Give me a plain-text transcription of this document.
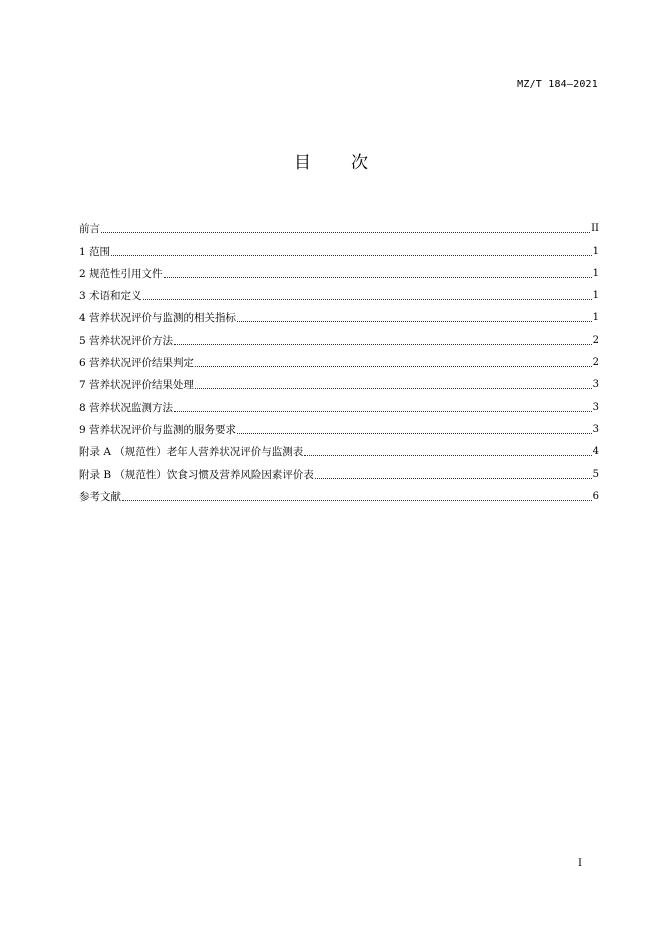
MZ/T 184—2021
目次
前言	II
1 范围	1
2 规范性引用文件	1
3 术语和定义	1
4 营养状况评价与监测的相关指标	1
5 营养状况评价方法	2
6 营养状况评价结果判定	2
7 营养状况评价结果处理	3
8 营养状况监测方法	3
9 营养状况评价与监测的服务要求	3
附录 A （规范性）老年人营养状况评价与监测表	4
附录 B （规范性）饮食习惯及营养风险因素评价表	5
参考文献	6
I
